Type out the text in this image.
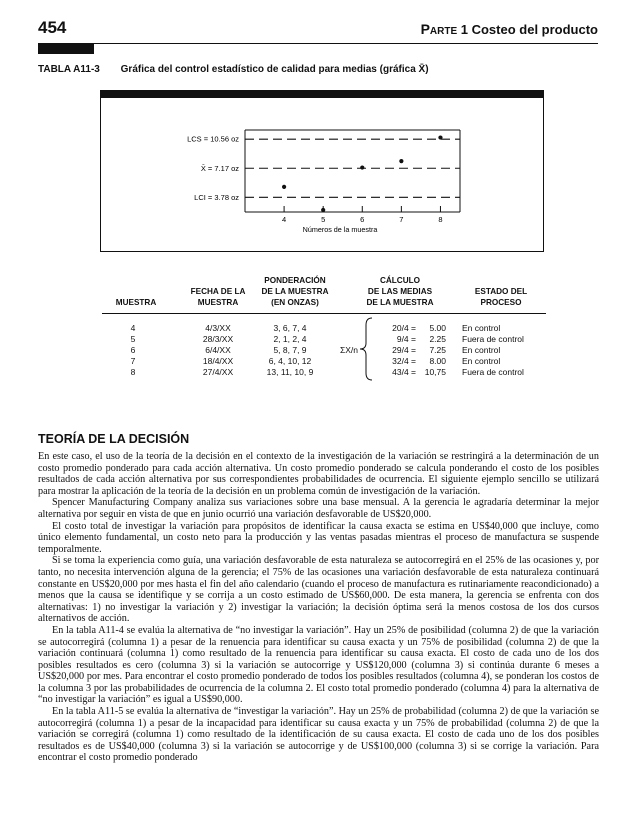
454	Parte 1 Costeo del producto
TABLA A11-3 Gráfica del control estadístico de calidad para medias (gráfica X̄)
LCS = 10.56 oz
X̄ = 7.17 oz
LCI = 3.78 oz
4	5	6	7	8
Números de la muestra
MUESTRA
FECHA DE LA
MUESTRA
PONDERACIÓN
DE LA MUESTRA
(EN ONZAS)
CÁLCULO
DE LAS MEDIAS
DE LA MUESTRA
ESTADO DEL
PROCESO
4	4/3/XX	3, 6, 7, 4	20/4 =	5.00 En control
5	28/3/XX	2, 1, 2, 4	9/4 =	2.25 Fuera de control
6	6/4/XX	5, 8, 7, 9	ΣX/n	29/4 =	7.25 En control
7	18/4/XX	6, 4, 10, 12	32/4 =	8.00 En control
8	27/4/XX	13, 11, 10, 9	43/4 =	10,75 Fuera de control
TEORÍA DE LA DECISIÓN

En este caso, el uso de la teoría de la decisión en el contexto de la investigación de la variación se restringirá a la determinación de un costo promedio ponderado para cada acción alternativa. Un costo promedio ponderado se calcula ponderando el costo de los posibles resultados de cada acción alternativa por sus correspondientes probabilidades de ocurrencia. El siguiente ejemplo sencillo se utilizará para mostrar la aplicación de la teoría de la decisión en un problema común de investigación de la variación.

Spencer Manufacturing Company analiza sus variaciones sobre una base mensual. A la gerencia le agradaría determinar la mejor alternativa por seguir en vista de que en junio ocurrió una variación desfavorable de US$20,000.

El costo total de investigar la variación para propósitos de identificar la causa exacta se estima en US$40,000 que incluye, como único elemento fundamental, un costo neto para la producción y las ventas pasadas mientras el proceso de manufactura se suspende temporalmente.

Si se toma la experiencia como guía, una variación desfavorable de esta naturaleza se autocorregirá en el 25% de las ocasiones y, por tanto, no necesita intervención alguna de la gerencia; el 75% de las ocasiones una variación desfavorable de esta naturaleza continuará constante en US$20,000 por mes hasta el fin del año calendario (cuando el proceso de manufactura es rutinariamente reacondicionado) a menos que la causa se identifique y se corrija a un costo estimado de US$60,000. De esta manera, la gerencia se enfrenta con dos alternativas: 1) no investigar la variación y 2) investigar la variación; la decisión óptima será la menos costosa de los dos cursos alternativos de acción.

En la tabla A11-4 se evalúa la alternativa de “no investigar la variación”. Hay un 25% de posibilidad (columna 2) de que la variación se autocorregirá (columna 1) a pesar de la renuencia para identificar su causa exacta y un 75% de posibilidad (columna 2) de que la variación continuará (columna 1) como resultado de la renuencia para identificar su causa exacta. El costo de cada uno de los dos posibles resultados es cero (columna 3) si la variación se autocorrige y US$120,000 (columna 3) si continúa durante 6 meses a US$20,000 por mes. Para encontrar el costo promedio ponderado de todos los posibles resultados (columna 4), se ponderan los costos de la columna 3 por las probabilidades de ocurrencia de la columna 2. El costo total promedio ponderado (columna 4) para la alternativa de “no investigar la variación” es igual a US$90,000.

En la tabla A11-5 se evalúa la alternativa de “investigar la variación”. Hay un 25% de probabilidad (columna 2) de que la variación se autocorregirá (columna 1) a pesar de la incapacidad para identificar su causa exacta y un 75% de probabilidad (columna 2) de que la variación se corregirá (columna 1) como resultado de la identificación de su causa exacta. El costo de cada uno de los dos posibles resultados es de US$40,000 (columna 3) si la variación se autocorrige y de US$100,000 (columna 3) si se corrige la variación. Para encontrar el costo promedio ponderado
